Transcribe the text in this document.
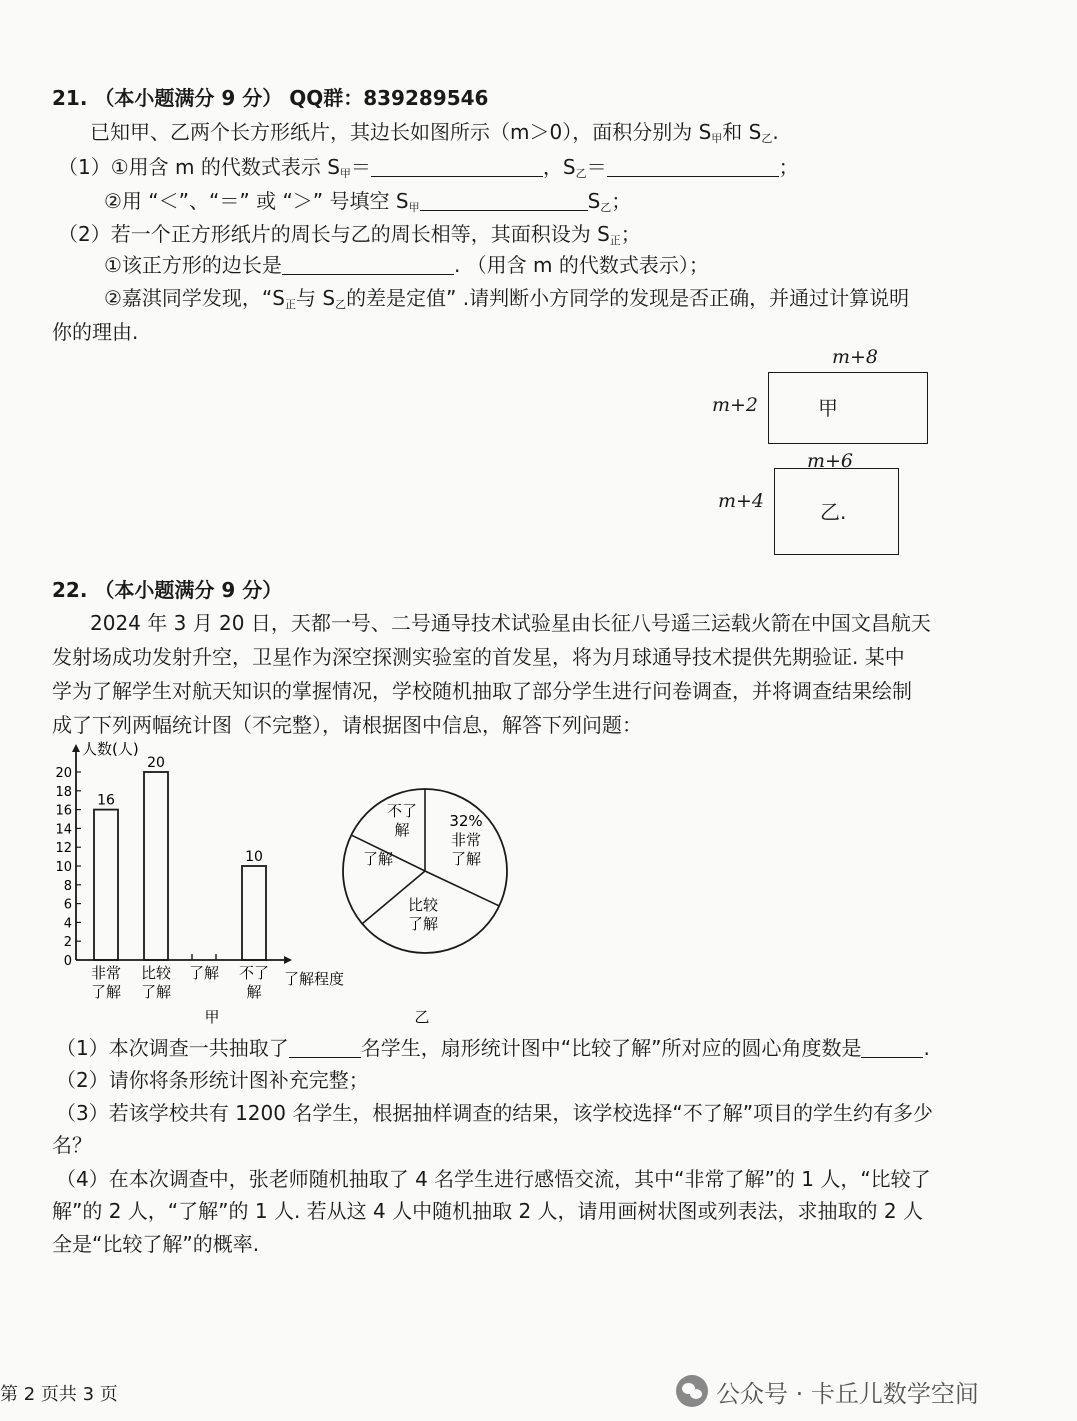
21. （本小题满分 9 分） QQ群：839289546
已知甲、乙两个长方形纸片，其边长如图所示（m＞0），面积分别为 $S_甲$和 $S_乙$.
（1）①用含 m 的代数式表示 $S_甲=$	，$S_乙=$	；
②用 “＜”、“＝” 或 “＞” 号填空 $S_甲$	$S_乙$；
（2）若一个正方形纸片的周长与乙的周长相等，其面积设为 $S_正$；
①该正方形的边长是	. （用含 m 的代数式表示）；
②嘉淇同学发现，“$S_正$与 $S_乙$的差是定值” .请判断小方同学的发现是否正确，并通过计算说明
你的理由.
m+8
m+2	甲
m+6
m+4	乙.
22. （本小题满分 9 分）
2024 年 3 月 20 日，天都一号、二号通导技术试验星由长征八号遥三运载火箭在中国文昌航天
发射场成功发射升空，卫星作为深空探测实验室的首发星，将为月球通导技术提供先期验证. 某中
学为了解学生对航天知识的掌握情况，学校随机抽取了部分学生进行问卷调查，并将调查结果绘制
成了下列两幅统计图（不完整），请根据图中信息，解答下列问题：
人数(人)
了解程度
0
2
4
6
8
10
12
14
16
18
20
16
非常
了解
20
比较
了解
了解
10
不了
解
甲
32%
非常
了解
比较
了解
了解
不了
解
乙
（1）本次调查一共抽取了	名学生，扇形统计图中“比较了解”所对应的圆心角度数是	.
（2）请你将条形统计图补充完整；
（3）若该学校共有 1200 名学生，根据抽样调查的结果，该学校选择“不了解”项目的学生约有多少
名？
（4）在本次调查中，张老师随机抽取了 4 名学生进行感悟交流，其中“非常了解”的 1 人，“比较了
解”的 2 人，“了解”的 1 人. 若从这 4 人中随机抽取 2 人，请用画树状图或列表法，求抽取的 2 人
全是“比较了解”的概率.
第 2 页共 3 页	公众号 · 卡丘儿数学空间
